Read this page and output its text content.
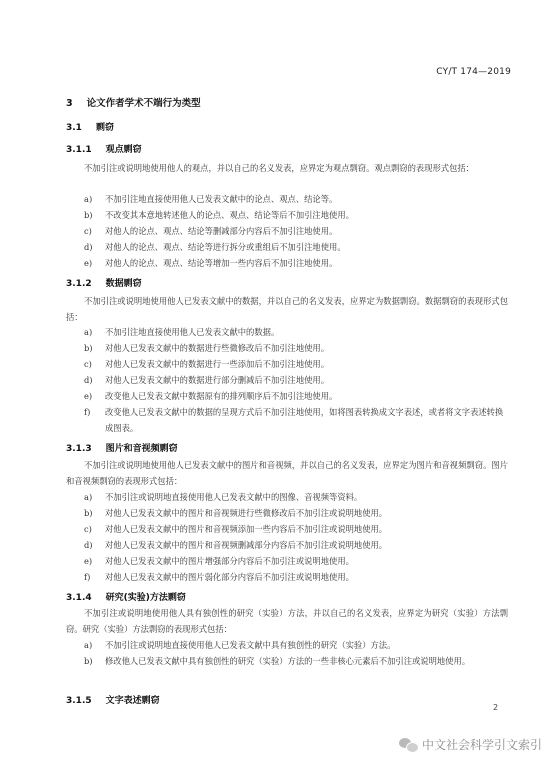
CY/T 174—2019
3 论文作者学术不端行为类型
3.1 剽窃
3.1.1 观点剽窃
不加引注或说明地使用他人的观点，并以自己的名义发表，应界定为观点剽窃。观点剽窃的表现形式包括：
a)	不加引注地直接使用他人已发表文献中的论点、观点、结论等。
b)	不改变其本意地转述他人的论点、观点、结论等后不加引注地使用。
c)	对他人的论点、观点、结论等删减部分内容后不加引注地使用。
d)	对他人的论点、观点、结论等进行拆分或重组后不加引注地使用。
e)	对他人的论点、观点、结论等增加一些内容后不加引注地使用。
3.1.2 数据剽窃
不加引注或说明地使用他人已发表文献中的数据，并以自己的名义发表，应界定为数据剽窃。数据剽窃的表现形式包括：
a)	不加引注地直接使用他人已发表文献中的数据。
b)	对他人已发表文献中的数据进行些微修改后不加引注地使用。
c)	对他人已发表文献中的数据进行一些添加后不加引注地使用。
d)	对他人已发表文献中的数据进行部分删减后不加引注地使用。
e)	改变他人已发表文献中数据原有的排列顺序后不加引注地使用。
f)	改变他人已发表文献中的数据的呈现方式后不加引注地使用，如将图表转换成文字表述，或者将文字表述转换成图表。
3.1.3 图片和音视频剽窃
不加引注或说明地使用他人已发表文献中的图片和音视频，并以自己的名义发表，应界定为图片和音视频剽窃。图片和音视频剽窃的表现形式包括：
a)	不加引注或说明地直接使用他人已发表文献中的图像、音视频等资料。
b)	对他人已发表文献中的图片和音视频进行些微修改后不加引注或说明地使用。
c)	对他人已发表文献中的图片和音视频添加一些内容后不加引注或说明地使用。
d)	对他人已发表文献中的图片和音视频删减部分内容后不加引注或说明地使用。
e)	对他人已发表文献中的图片增强部分内容后不加引注或说明地使用。
f)	对他人已发表文献中的图片弱化部分内容后不加引注或说明地使用。
3.1.4 研究(实验)方法剽窃
不加引注或说明地使用他人具有独创性的研究（实验）方法，并以自己的名义发表，应界定为研究（实验）方法剽窃。研究（实验）方法剽窃的表现形式包括：
a)	不加引注或说明地直接使用他人已发表文献中具有独创性的研究（实验）方法。
b)	修改他人已发表文献中具有独创性的研究（实验）方法的一些非核心元素后不加引注或说明地使用。
3.1.5 文字表述剽窃
2
中文社会科学引文索引
